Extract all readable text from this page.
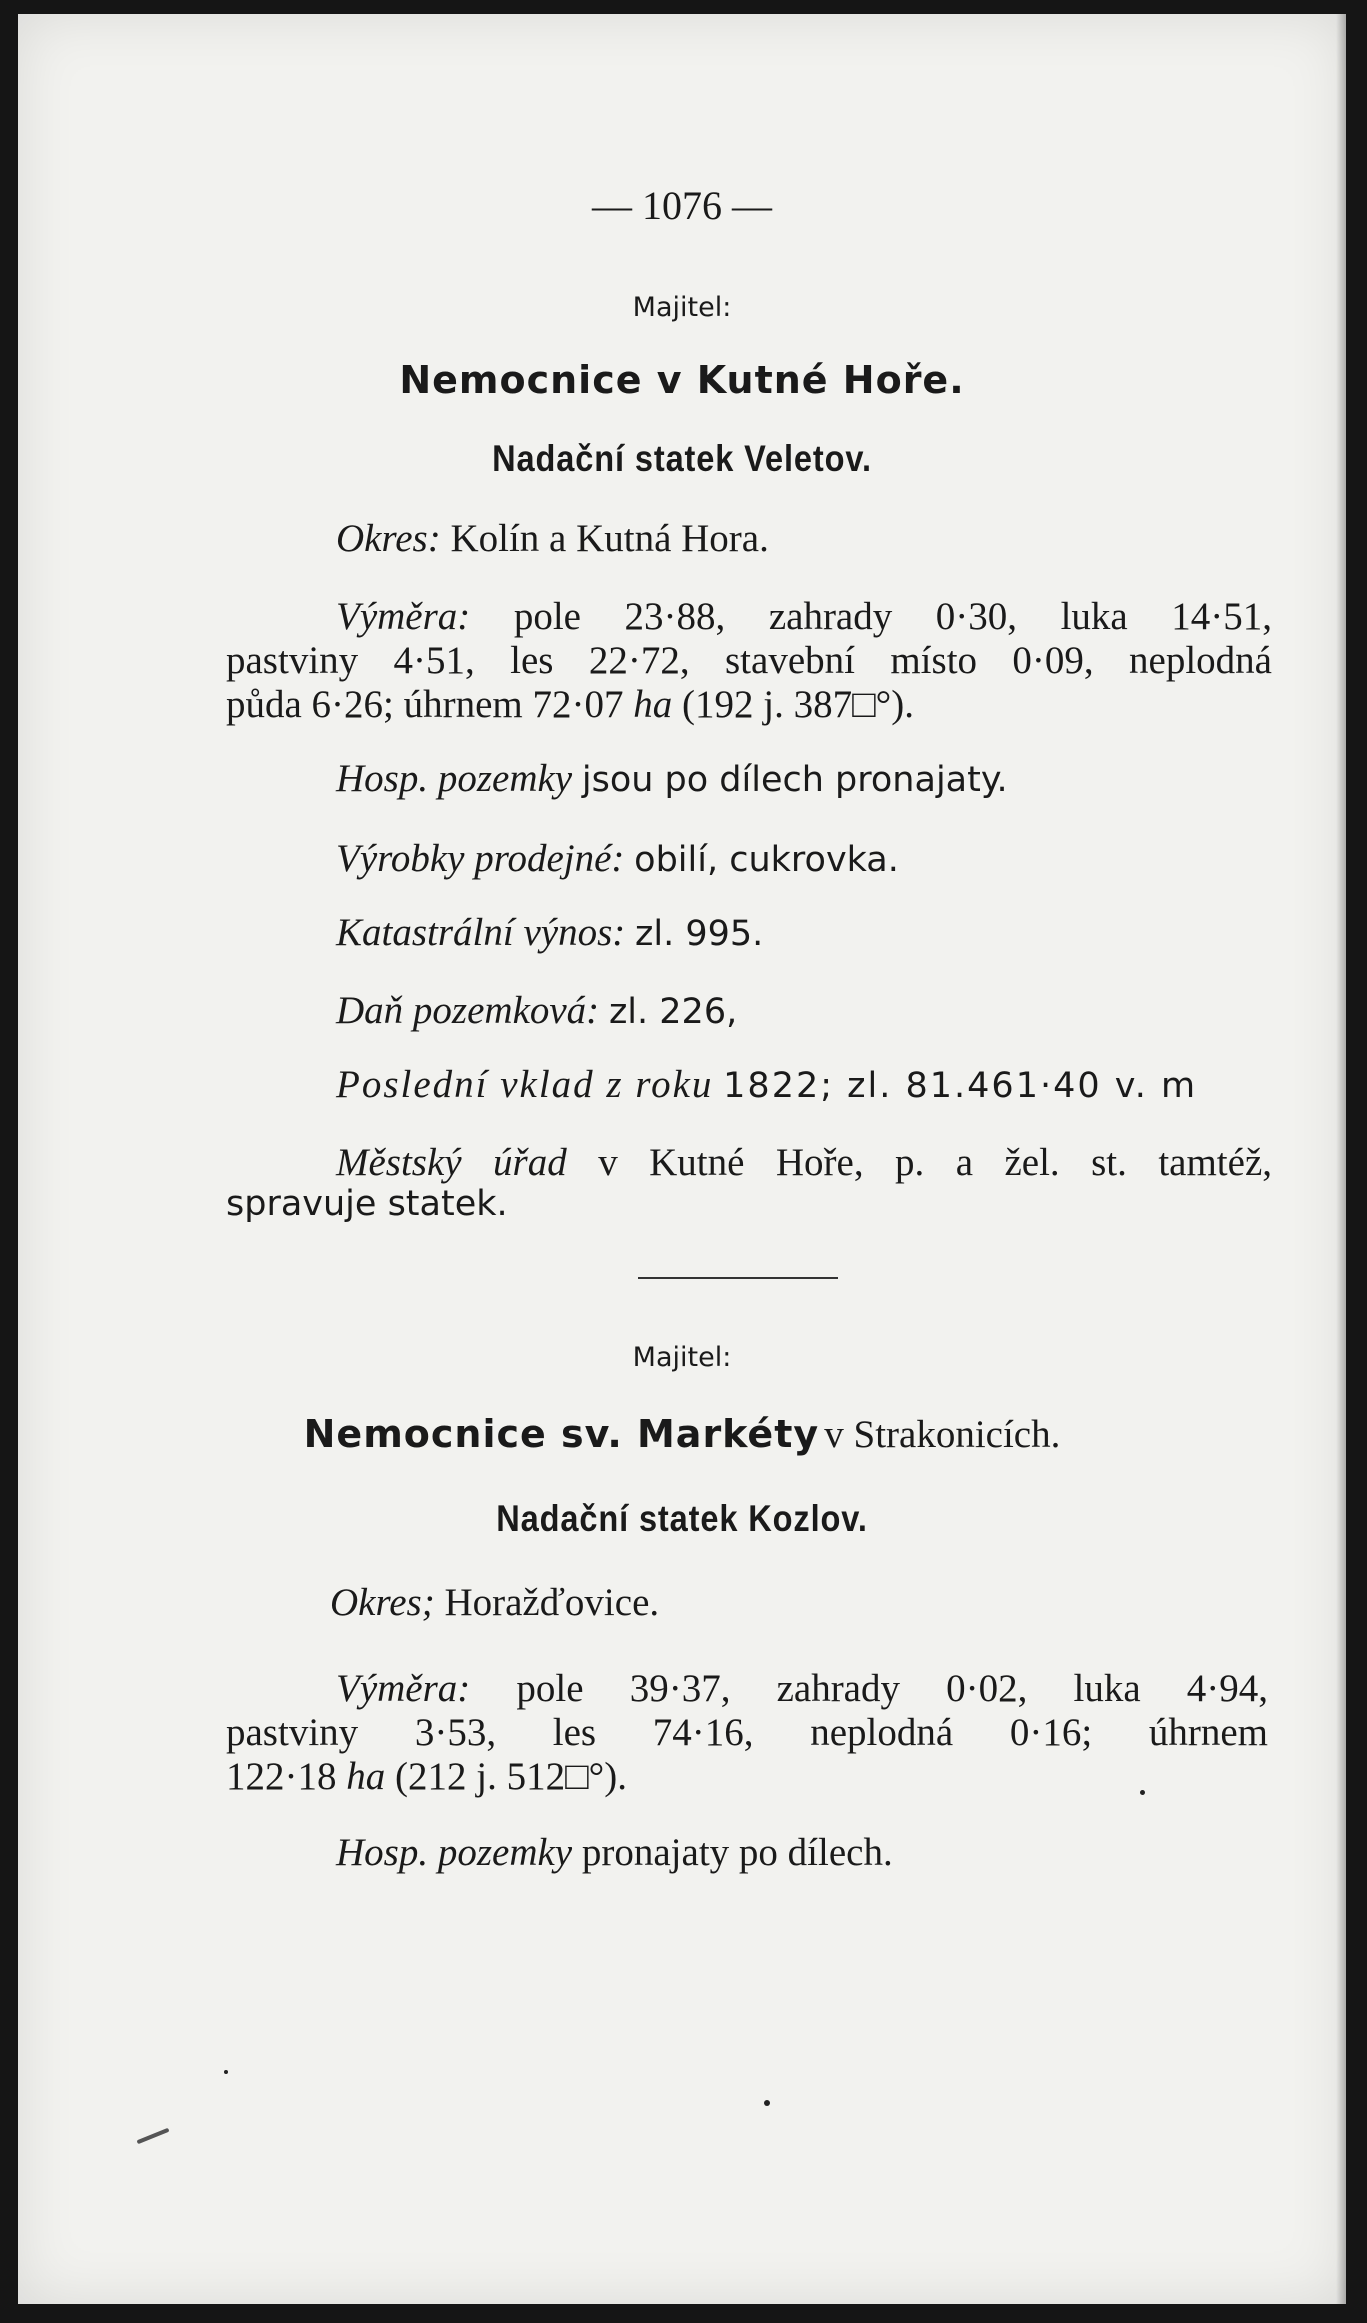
— 1076 —

Majitel:

Nemocnice v Kutné Hoře.

Nadační statek Veletov.

Okres: Kolín a Kutná Hora.

Výměra: pole 23·88, zahrady 0·30, luka 14·51,

pastviny 4·51, les 22·72, stavební místo 0·09, neplodná

půda 6·26; úhrnem 72·07 ha (192 j. 387□°).

Hosp. pozemky jsou po dílech pronajaty.

Výrobky prodejné: obilí, cukrovka.

Katastrální výnos: zl. 995.

Daň pozemková: zl. 226,

Poslední vklad z roku 1822; zl. 81.461·40 v. m

Městský úřad v Kutné Hoře, p. a žel. st. tamtéž,

spravuje statek.

Majitel:

Nemocnice sv. Markéty v Strakonicích.

Nadační statek Kozlov.

Okres; Horažďovice.

Výměra: pole 39·37, zahrady 0·02, luka 4·94,

pastviny 3·53, les 74·16, neplodná 0·16; úhrnem

122·18 ha (212 j. 512□°).

Hosp. pozemky pronajaty po dílech.
